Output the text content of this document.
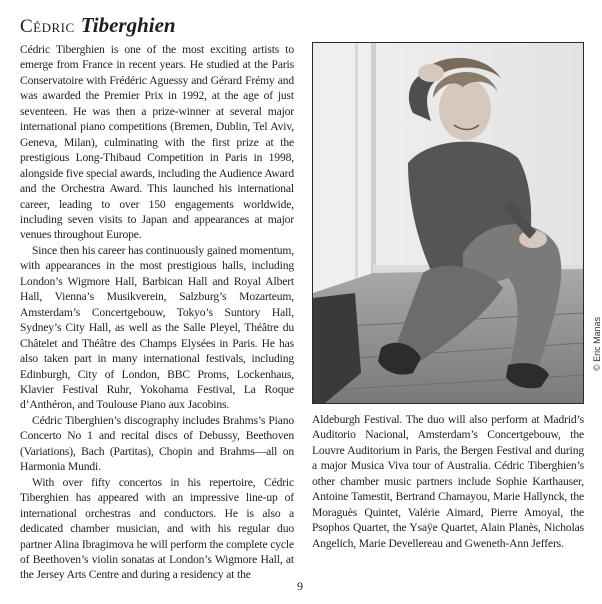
Cédric Tiberghien

Cédric Tiberghien is one of the most exciting artists to emerge from France in recent years. He studied at the Paris Conservatoire with Frédéric Aguessy and Gérard Frémy and was awarded the Premier Prix in 1992, at the age of just seventeen. He was then a prize-winner at several major international piano competitions (Bremen, Dublin, Tel Aviv, Geneva, Milan), culminating with the first prize at the prestigious Long-Thibaud Competition in Paris in 1998, alongside five special awards, including the Audience Award and the Orchestra Award. This launched his international career, leading to over 150 engagements worldwide, including seven visits to Japan and appearances at major venues throughout Europe.

Since then his career has continuously gained momentum, with appearances in the most prestigious halls, including London’s Wigmore Hall, Barbican Hall and Royal Albert Hall, Vienna’s Musikverein, Salzburg’s Mozarteum, Amsterdam’s Concertgebouw, Tokyo’s Suntory Hall, Sydney’s City Hall, as well as the Salle Pleyel, Théâtre du Châtelet and Théâtre des Champs Elysées in Paris. He has also taken part in many international festivals, including Edinburgh, City of London, BBC Proms, Lockenhaus, Klavier Festival Ruhr, Yokohama Festival, La Roque d’Anthéron, and Toulouse Piano aux Jacobins.

Cédric Tiberghien’s discography includes Brahms’s Piano Concerto No 1 and recital discs of Debussy, Beethoven (Variations), Bach (Partitas), Chopin and Brahms—all on Harmonia Mundi.

With over fifty concertos in his repertoire, Cédric Tiberghien has appeared with an impressive line-up of international orchestras and conductors. He is also a dedicated chamber musician, and with his regular duo partner Alina Ibragimova he will perform the complete cycle of Beethoven’s violin sonatas at London’s Wigmore Hall, at the Jersey Arts Centre and during a residency at the

© Eric Manas

Aldeburgh Festival. The duo will also perform at Madrid’s Auditorio Nacional, Amsterdam’s Concertgebouw, the Louvre Auditorium in Paris, the Bergen Festival and during a major Musica Viva tour of Australia. Cédric Tiberghien’s other chamber music partners include Sophie Karthauser, Antoine Tamestit, Bertrand Chamayou, Marie Hallynck, the Moraguès Quintet, Valérie Aimard, Pierre Amoyal, the Psophos Quartet, the Ysaÿe Quartet, Alain Planès, Nicholas Angelich, Marie Devellereau and Gweneth-Ann Jeffers.

9
